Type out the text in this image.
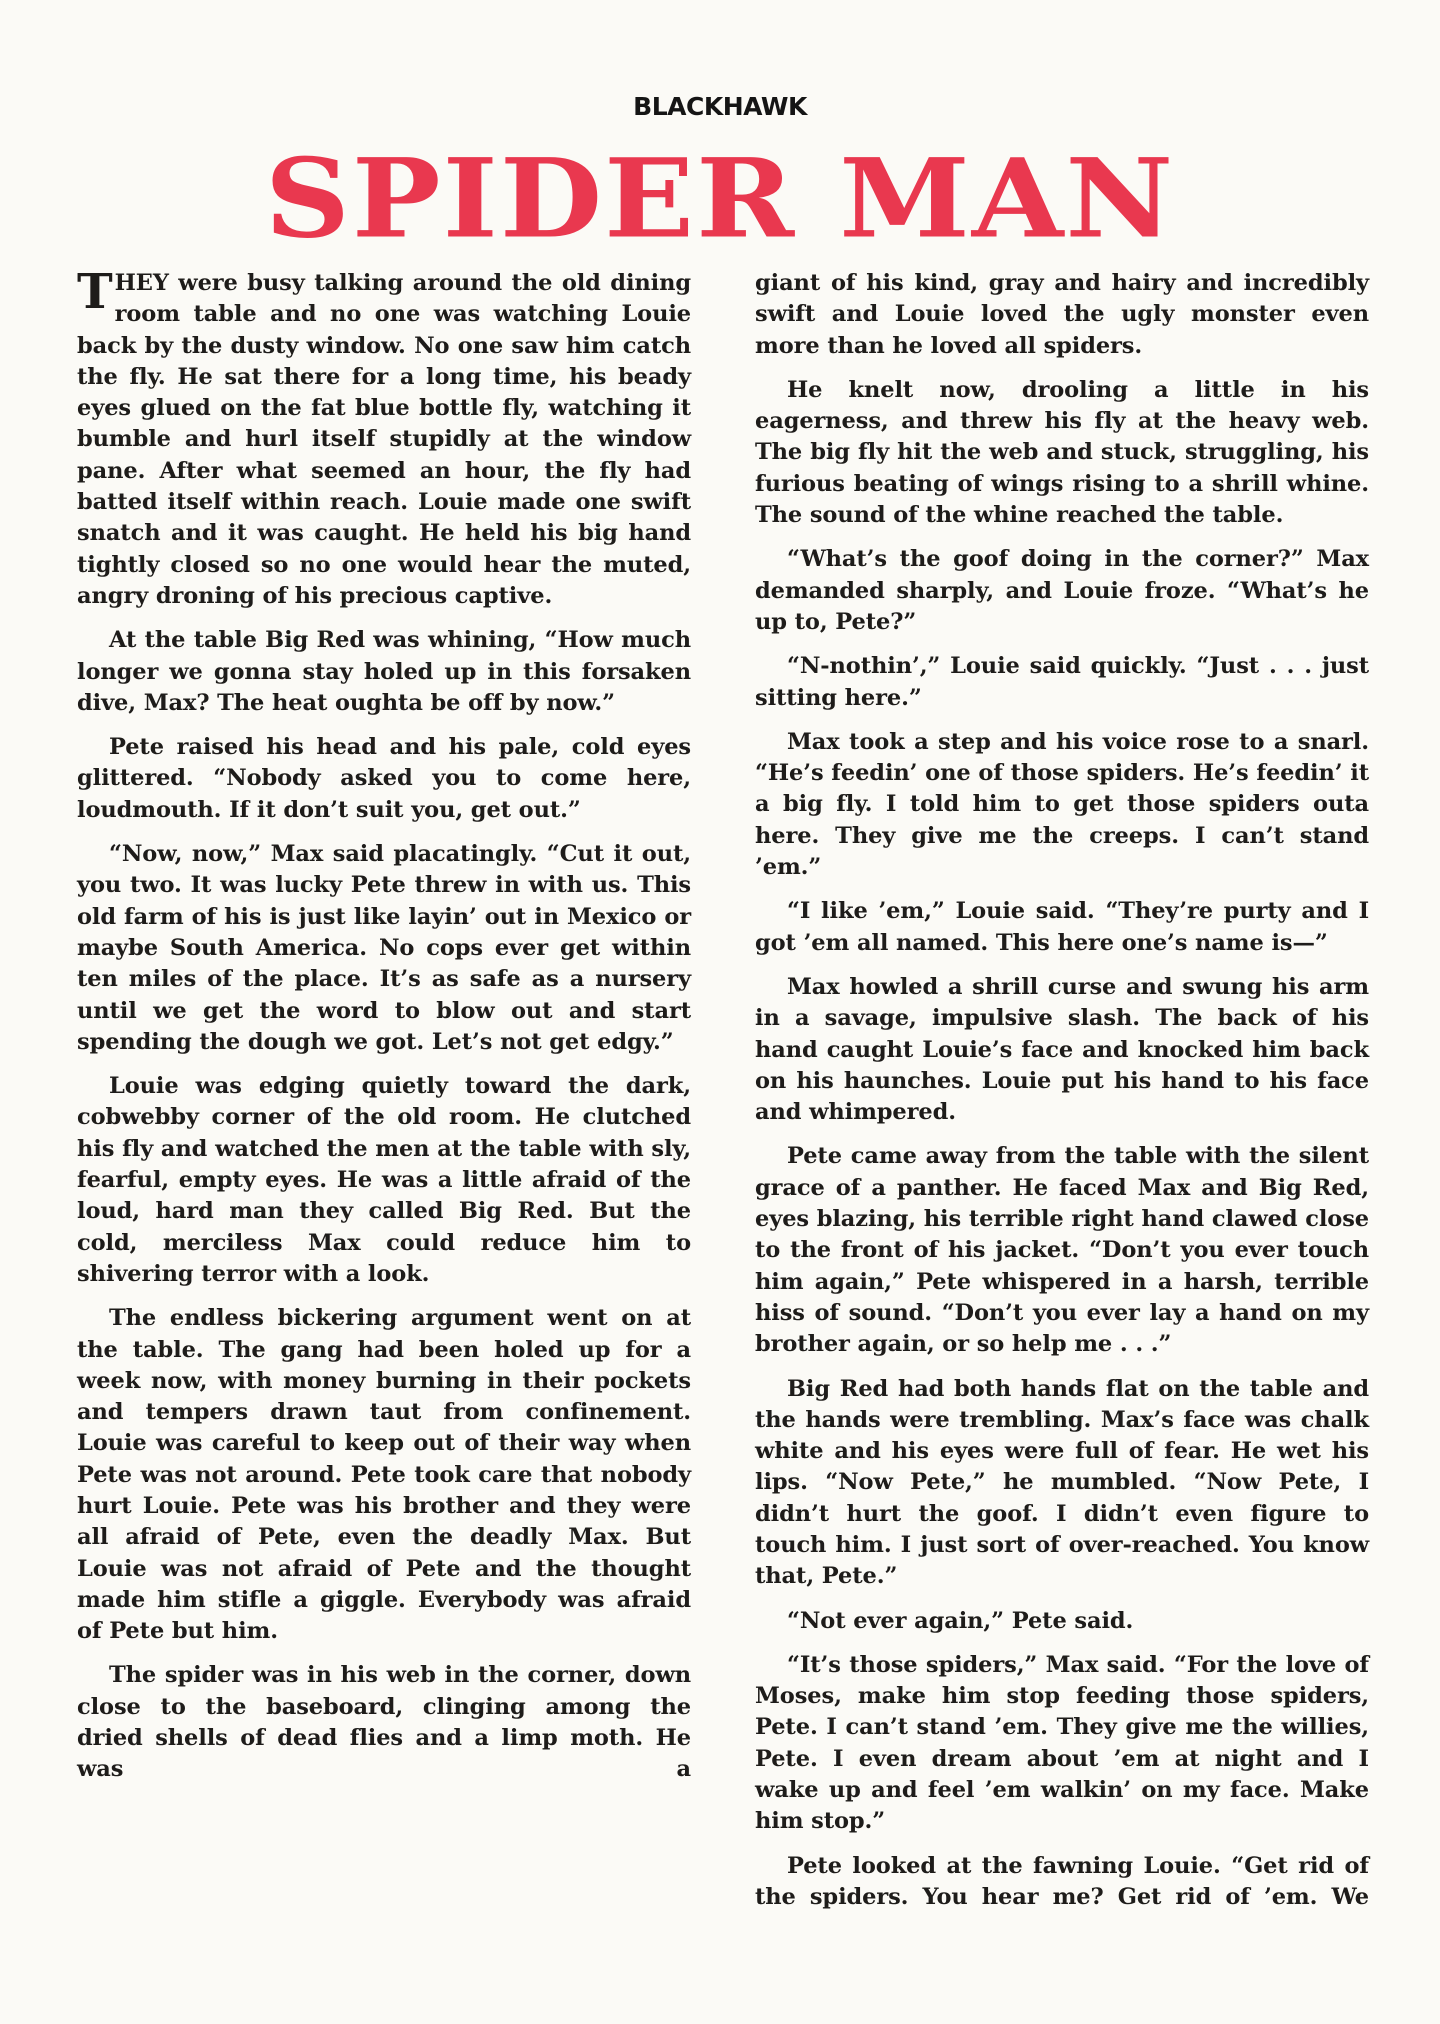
BLACKHAWK
SPIDER MAN

THEY were busy talking around the old dining room table and no one was watching Louie back by the dusty window. No one saw him catch the fly. He sat there for a long time, his beady eyes glued on the fat blue bottle fly, watching it bumble and hurl itself stupidly at the window pane. After what seemed an hour, the fly had batted itself within reach. Louie made one swift snatch and it was caught. He held his big hand tightly closed so no one would hear the muted, angry droning of his precious captive.

At the table Big Red was whining, “How much longer we gonna stay holed up in this forsaken dive, Max? The heat oughta be off by now.”

Pete raised his head and his pale, cold eyes glittered. “Nobody asked you to come here, loudmouth. If it don’t suit you, get out.”

“Now, now,” Max said placatingly. “Cut it out, you two. It was lucky Pete threw in with us. This old farm of his is just like layin’ out in Mexico or maybe South America. No cops ever get within ten miles of the place. It’s as safe as a nursery until we get the word to blow out and start spending the dough we got. Let’s not get edgy.”

Louie was edging quietly toward the dark, cobwebby corner of the old room. He clutched his fly and watched the men at the table with sly, fearful, empty eyes. He was a little afraid of the loud, hard man they called Big Red. But the cold, merciless Max could reduce him to shivering terror with a look.

The endless bickering argument went on at the table. The gang had been holed up for a week now, with money burning in their pockets and tempers drawn taut from confinement. Louie was careful to keep out of their way when Pete was not around. Pete took care that nobody hurt Louie. Pete was his brother and they were all afraid of Pete, even the deadly Max. But Louie was not afraid of Pete and the thought made him stifle a giggle. Everybody was afraid of Pete but him.

The spider was in his web in the corner, down close to the baseboard, clinging among the dried shells of dead flies and a limp moth. He was a

giant of his kind, gray and hairy and incredibly swift and Louie loved the ugly monster even more than he loved all spiders.

He knelt now, drooling a little in his eagerness, and threw his fly at the heavy web. The big fly hit the web and stuck, struggling, his furious beating of wings rising to a shrill whine. The sound of the whine reached the table.

“What’s the goof doing in the corner?” Max demanded sharply, and Louie froze. “What’s he up to, Pete?”

“N-nothin’,” Louie said quickly. “Just . . . just sitting here.”

Max took a step and his voice rose to a snarl. “He’s feedin’ one of those spiders. He’s feedin’ it a big fly. I told him to get those spiders outa here. They give me the creeps. I can’t stand ’em.”

“I like ’em,” Louie said. “They’re purty and I got ’em all named. This here one’s name is—”

Max howled a shrill curse and swung his arm in a savage, impulsive slash. The back of his hand caught Louie’s face and knocked him back on his haunches. Louie put his hand to his face and whimpered.

Pete came away from the table with the silent grace of a panther. He faced Max and Big Red, eyes blazing, his terrible right hand clawed close to the front of his jacket. “Don’t you ever touch him again,” Pete whispered in a harsh, terrible hiss of sound. “Don’t you ever lay a hand on my brother again, or so help me . . .”

Big Red had both hands flat on the table and the hands were trembling. Max’s face was chalk white and his eyes were full of fear. He wet his lips. “Now Pete,” he mumbled. “Now Pete, I didn’t hurt the goof. I didn’t even figure to touch him. I just sort of over-reached. You know that, Pete.”

“Not ever again,” Pete said.

“It’s those spiders,” Max said. “For the love of Moses, make him stop feeding those spiders, Pete. I can’t stand ’em. They give me the willies, Pete. I even dream about ’em at night and I wake up and feel ’em walkin’ on my face. Make him stop.”

Pete looked at the fawning Louie. “Get rid of the spiders. You hear me? Get rid of ’em. We
